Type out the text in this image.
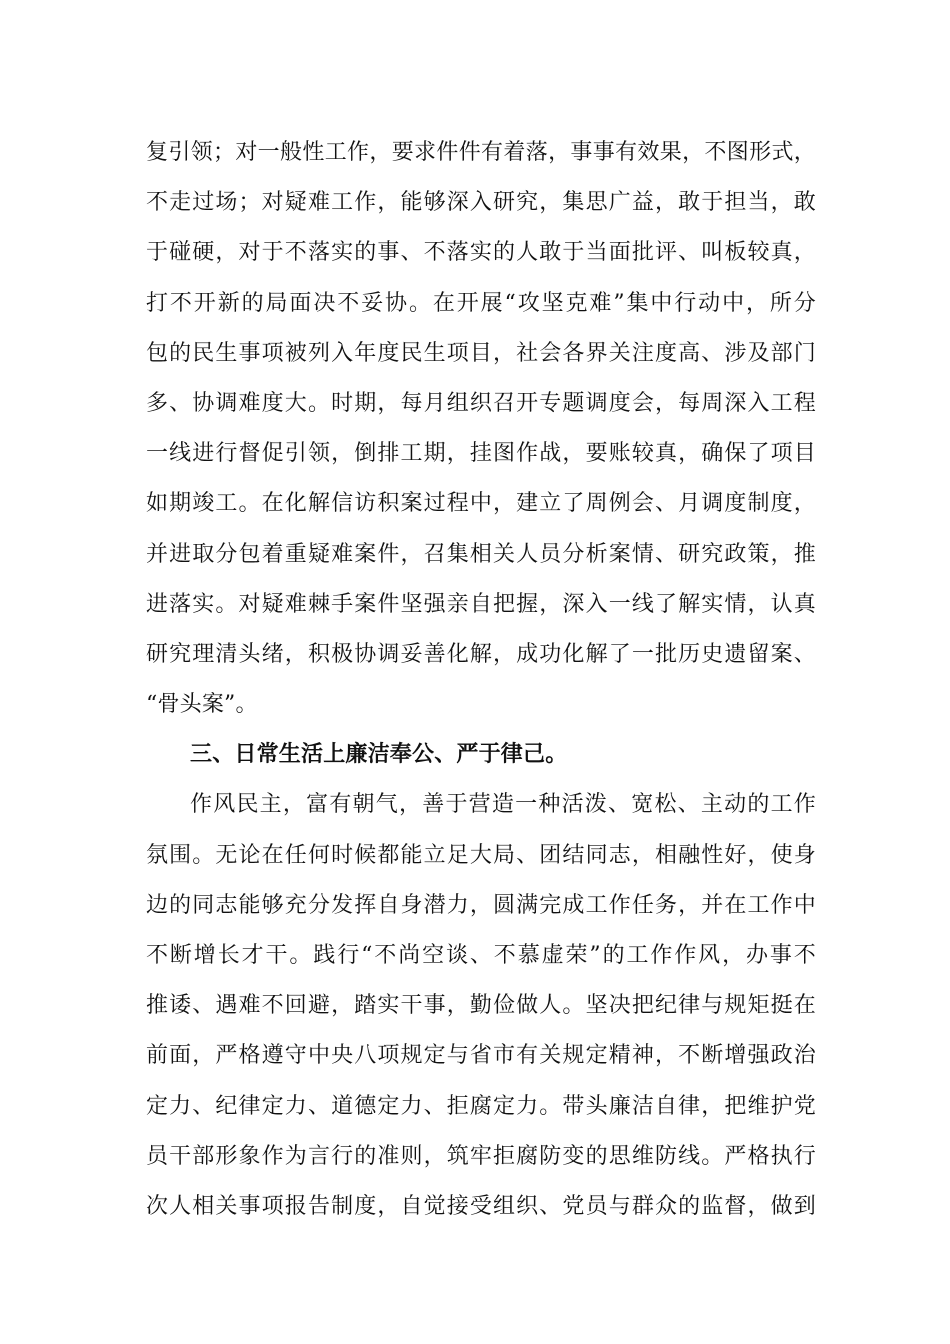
复引领；对一般性工作，要求件件有着落，事事有效果，不图形式，
不走过场；对疑难工作，能够深入研究，集思广益，敢于担当，敢
于碰硬，对于不落实的事、不落实的人敢于当面批评、叫板较真，
打不开新的局面决不妥协。在开展“攻坚克难”集中行动中，所分
包的民生事项被列入年度民生项目，社会各界关注度高、涉及部门
多、协调难度大。时期，每月组织召开专题调度会，每周深入工程
一线进行督促引领，倒排工期，挂图作战，要账较真，确保了项目
如期竣工。在化解信访积案过程中，建立了周例会、月调度制度，
并进取分包着重疑难案件，召集相关人员分析案情、研究政策，推
进落实。对疑难棘手案件坚强亲自把握，深入一线了解实情，认真
研究理清头绪，积极协调妥善化解，成功化解了一批历史遗留案、
“骨头案”。
三、日常生活上廉洁奉公、严于律己。
作风民主，富有朝气，善于营造一种活泼、宽松、主动的工作
氛围。无论在任何时候都能立足大局、团结同志，相融性好，使身
边的同志能够充分发挥自身潜力，圆满完成工作任务，并在工作中
不断增长才干。践行“不尚空谈、不慕虚荣”的工作作风，办事不
推诿、遇难不回避，踏实干事，勤俭做人。坚决把纪律与规矩挺在
前面，严格遵守中央八项规定与省市有关规定精神，不断增强政治
定力、纪律定力、道德定力、拒腐定力。带头廉洁自律，把维护党
员干部形象作为言行的准则，筑牢拒腐防变的思维防线。严格执行
次人相关事项报告制度，自觉接受组织、党员与群众的监督，做到
